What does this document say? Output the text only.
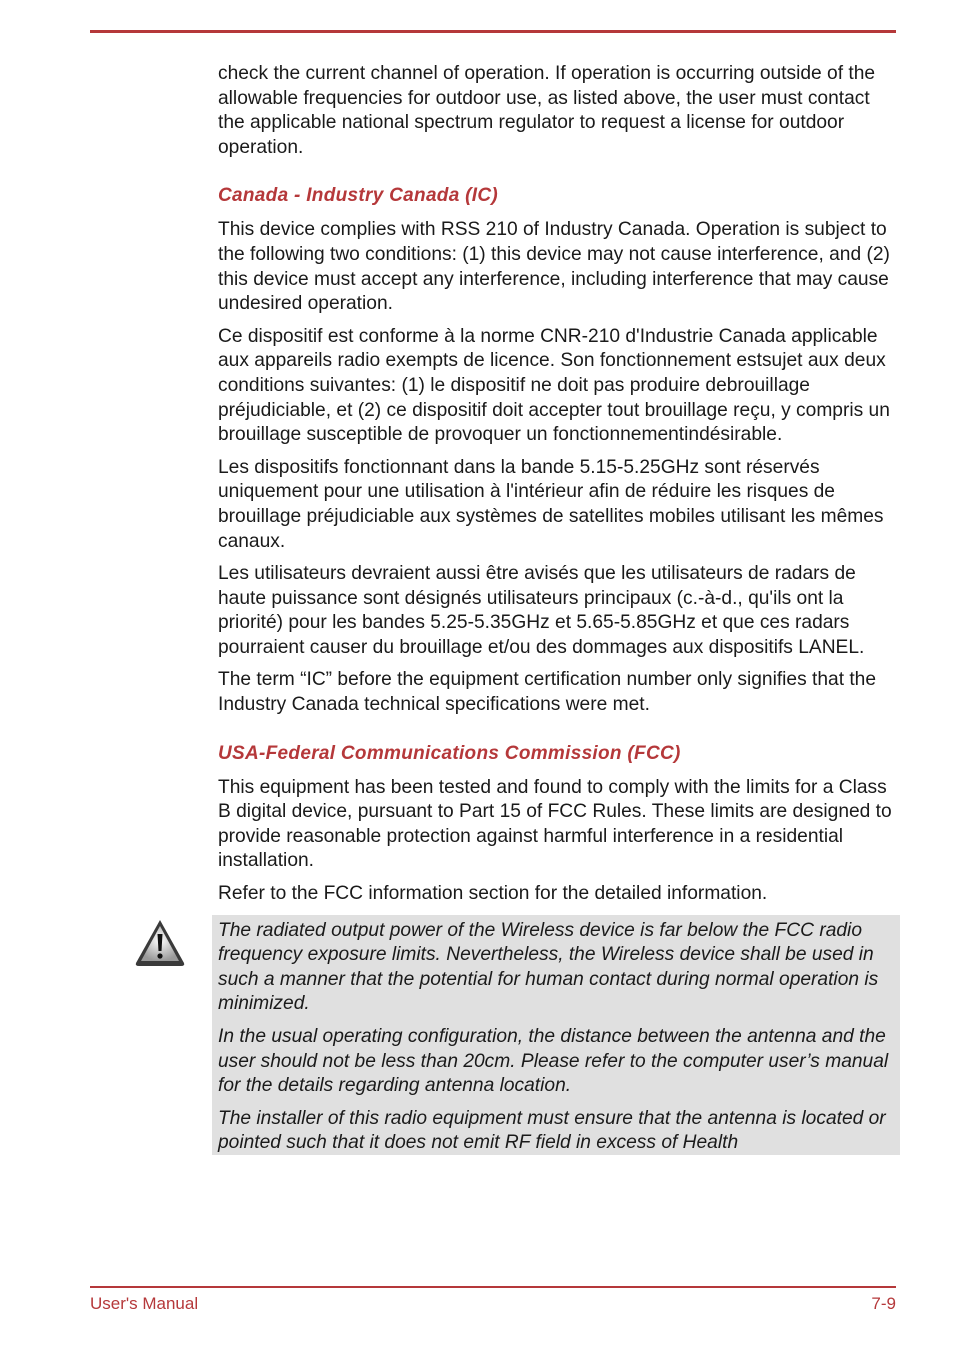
check the current channel of operation. If operation is occurring outside of the allowable frequencies for outdoor use, as listed above, the user must contact the applicable national spectrum regulator to request a license for outdoor operation.

Canada - Industry Canada (IC)

This device complies with RSS 210 of Industry Canada. Operation is subject to the following two conditions: (1) this device may not cause interference, and (2) this device must accept any interference, including interference that may cause undesired operation.

Ce dispositif est conforme à la norme CNR-210 d'Industrie Canada applicable aux appareils radio exempts de licence. Son fonctionnement estsujet aux deux conditions suivantes: (1) le dispositif ne doit pas produire debrouillage préjudiciable, et (2) ce dispositif doit accepter tout brouillage reçu, y compris un brouillage susceptible de provoquer un fonctionnementindésirable.

Les dispositifs fonctionnant dans la bande 5.15-5.25GHz sont réservés uniquement pour une utilisation à l'intérieur afin de réduire les risques de brouillage préjudiciable aux systèmes de satellites mobiles utilisant les mêmes canaux.

Les utilisateurs devraient aussi être avisés que les utilisateurs de radars de haute puissance sont désignés utilisateurs principaux (c.-à-d., qu'ils ont la priorité) pour les bandes 5.25-5.35GHz et 5.65-5.85GHz et que ces radars pourraient causer du brouillage et/ou des dommages aux dispositifs LANEL.

The term “IC” before the equipment certification number only signifies that the Industry Canada technical specifications were met.

USA-Federal Communications Commission (FCC)

This equipment has been tested and found to comply with the limits for a Class B digital device, pursuant to Part 15 of FCC Rules. These limits are designed to provide reasonable protection against harmful interference in a residential installation.

Refer to the FCC information section for the detailed information.

The radiated output power of the Wireless device is far below the FCC radio frequency exposure limits. Nevertheless, the Wireless device shall be used in such a manner that the potential for human contact during normal operation is minimized.

In the usual operating configuration, the distance between the antenna and the user should not be less than 20cm. Please refer to the computer user’s manual for the details regarding antenna location.

The installer of this radio equipment must ensure that the antenna is located or pointed such that it does not emit RF field in excess of Health

User's Manual	7-9
